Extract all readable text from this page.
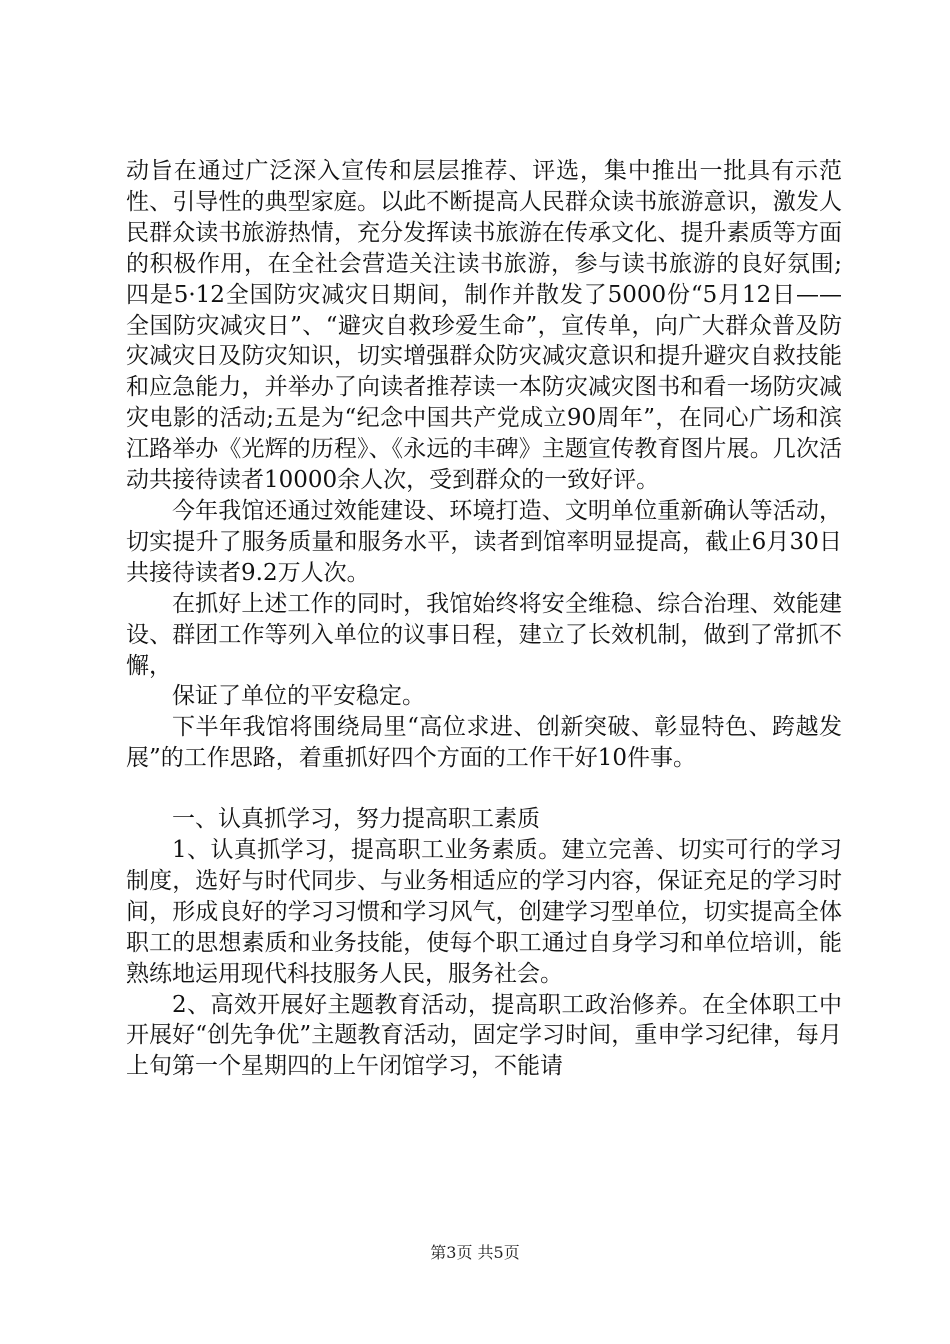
动旨在通过广泛深入宣传和层层推荐、评选，集中推出一批具有示范性、引导性的典型家庭。以此不断提高人民群众读书旅游意识，激发人民群众读书旅游热情，充分发挥读书旅游在传承文化、提升素质等方面的积极作用，在全社会营造关注读书旅游，参与读书旅游的良好氛围;四是5·12全国防灾减灾日期间，制作并散发了5000份“5月12日——全国防灾减灾日”、“避灾自救珍爱生命”，宣传单，向广大群众普及防灾减灾日及防灾知识，切实增强群众防灾减灾意识和提升避灾自救技能和应急能力，并举办了向读者推荐读一本防灾减灾图书和看一场防灾减灾电影的活动;五是为“纪念中国共产党成立90周年”，在同心广场和滨江路举办《光辉的历程》、《永远的丰碑》主题宣传教育图片展。几次活动共接待读者10000余人次，受到群众的一致好评。

今年我馆还通过效能建设、环境打造、文明单位重新确认等活动，切实提升了服务质量和服务水平，读者到馆率明显提高，截止6月30日共接待读者9.2万人次。

在抓好上述工作的同时，我馆始终将安全维稳、综合治理、效能建设、群团工作等列入单位的议事日程，建立了长效机制，做到了常抓不懈，

保证了单位的平安稳定。

下半年我馆将围绕局里“高位求进、创新突破、彰显特色、跨越发展”的工作思路，着重抓好四个方面的工作干好10件事。

一、认真抓学习，努力提高职工素质

1、认真抓学习，提高职工业务素质。建立完善、切实可行的学习制度，选好与时代同步、与业务相适应的学习内容，保证充足的学习时间，形成良好的学习习惯和学习风气，创建学习型单位，切实提高全体职工的思想素质和业务技能，使每个职工通过自身学习和单位培训，能熟练地运用现代科技服务人民，服务社会。

2、高效开展好主题教育活动，提高职工政治修养。在全体职工中开展好“创先争优”主题教育活动，固定学习时间，重申学习纪律，每月上旬第一个星期四的上午闭馆学习，不能请

第3页 共5页
